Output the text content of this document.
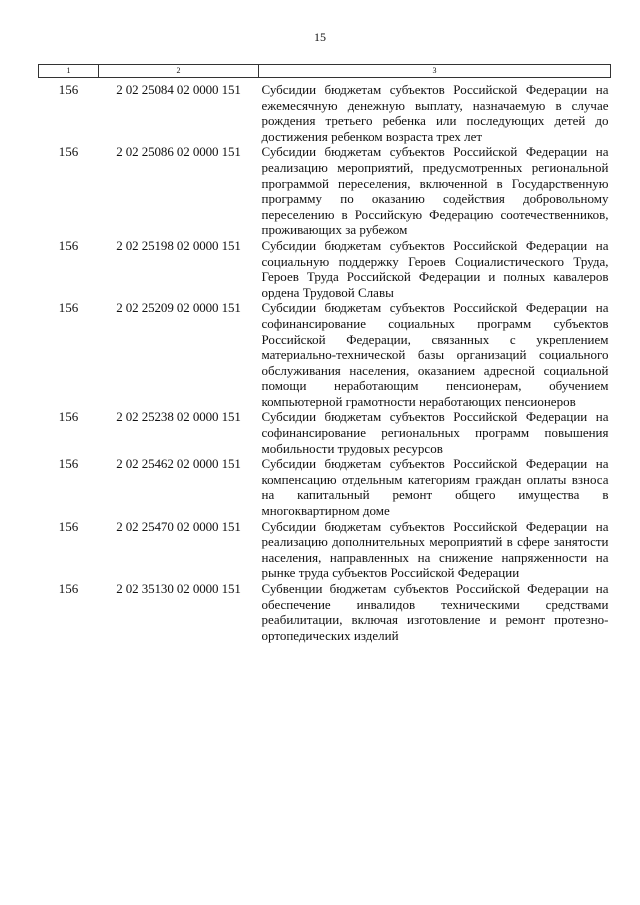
15
1	2	3
156	2 02 25084 02 0000 151	Субсидии бюджетам субъектов Российской Федерации на ежемесячную денежную выплату, назначаемую в случае рождения третьего ребенка или последующих детей до достижения ребенком возраста трех лет
156	2 02 25086 02 0000 151	Субсидии бюджетам субъектов Российской Федерации на реализацию мероприятий, предусмотренных региональной программой переселения, включенной в Государственную программу по оказанию содействия добровольному переселению в Российскую Федерацию соотечественников, проживающих за рубежом
156	2 02 25198 02 0000 151	Субсидии бюджетам субъектов Российской Федерации на социальную поддержку Героев Социалистического Труда, Героев Труда Российской Федерации и полных кавалеров ордена Трудовой Славы
156	2 02 25209 02 0000 151	Субсидии бюджетам субъектов Российской Федерации на софинансирование социальных программ субъектов Российской Федерации, связанных с укреплением материально-технической базы организаций социального обслуживания населения, оказанием адресной социальной помощи неработающим пенсионерам, обучением компьютерной грамотности неработающих пенсионеров
156	2 02 25238 02 0000 151	Субсидии бюджетам субъектов Российской Федерации на софинансирование региональных программ повышения мобильности трудовых ресурсов
156	2 02 25462 02 0000 151	Субсидии бюджетам субъектов Российской Федерации на компенсацию отдельным категориям граждан оплаты взноса на капитальный ремонт общего имущества в многоквартирном доме
156	2 02 25470 02 0000 151	Субсидии бюджетам субъектов Российской Федерации на реализацию дополнительных мероприятий в сфере занятости населения, направленных на снижение напряженности на рынке труда субъектов Российской Федерации
156	2 02 35130 02 0000 151	Субвенции бюджетам субъектов Российской Федерации на обеспечение инвалидов техническими средствами реабилитации, включая изготовление и ремонт протезно-ортопедических изделий
